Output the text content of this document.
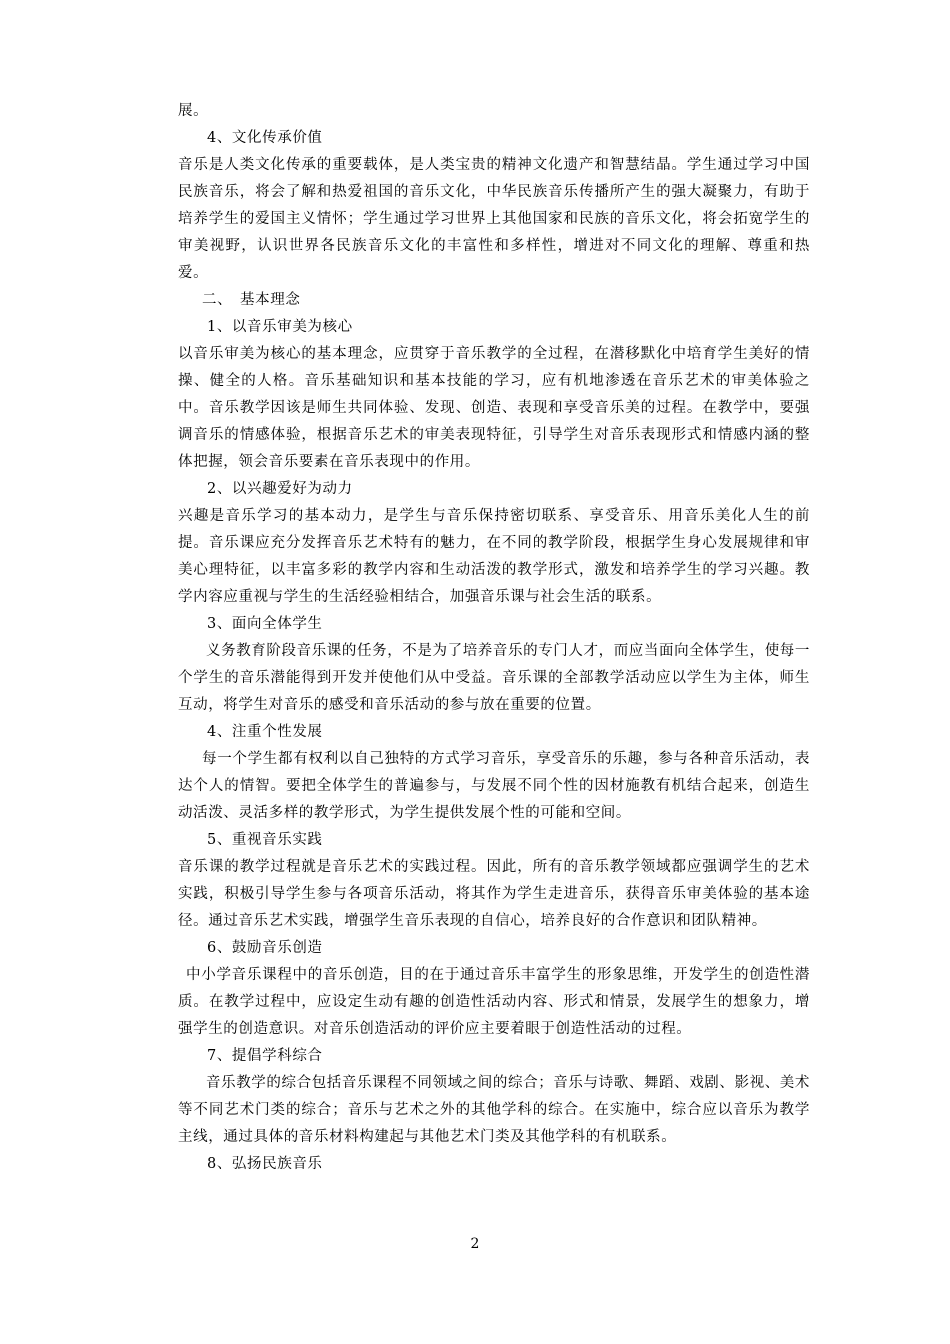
展。

4、文化传承价值

音乐是人类文化传承的重要载体，是人类宝贵的精神文化遗产和智慧结晶。学生通过学习中国民族音乐，将会了解和热爱祖国的音乐文化，中华民族音乐传播所产生的强大凝聚力，有助于培养学生的爱国主义情怀；学生通过学习世界上其他国家和民族的音乐文化，将会拓宽学生的审美视野，认识世界各民族音乐文化的丰富性和多样性，增进对不同文化的理解、尊重和热爱。

二、　基本理念

1、以音乐审美为核心

以音乐审美为核心的基本理念，应贯穿于音乐教学的全过程，在潜移默化中培育学生美好的情操、健全的人格。音乐基础知识和基本技能的学习，应有机地渗透在音乐艺术的审美体验之中。音乐教学因该是师生共同体验、发现、创造、表现和享受音乐美的过程。在教学中，要强调音乐的情感体验，根据音乐艺术的审美表现特征，引导学生对音乐表现形式和情感内涵的整体把握，领会音乐要素在音乐表现中的作用。

2、以兴趣爱好为动力

兴趣是音乐学习的基本动力，是学生与音乐保持密切联系、享受音乐、用音乐美化人生的前提。音乐课应充分发挥音乐艺术特有的魅力，在不同的教学阶段，根据学生身心发展规律和审美心理特征，以丰富多彩的教学内容和生动活泼的教学形式，激发和培养学生的学习兴趣。教学内容应重视与学生的生活经验相结合，加强音乐课与社会生活的联系。

3、面向全体学生

义务教育阶段音乐课的任务，不是为了培养音乐的专门人才，而应当面向全体学生，使每一个学生的音乐潜能得到开发并使他们从中受益。音乐课的全部教学活动应以学生为主体，师生互动，将学生对音乐的感受和音乐活动的参与放在重要的位置。

4、注重个性发展

每一个学生都有权利以自己独特的方式学习音乐，享受音乐的乐趣，参与各种音乐活动，表达个人的情智。要把全体学生的普遍参与，与发展不同个性的因材施教有机结合起来，创造生动活泼、灵活多样的教学形式，为学生提供发展个性的可能和空间。

5、重视音乐实践

音乐课的教学过程就是音乐艺术的实践过程。因此，所有的音乐教学领域都应强调学生的艺术实践，积极引导学生参与各项音乐活动，将其作为学生走进音乐，获得音乐审美体验的基本途径。通过音乐艺术实践，增强学生音乐表现的自信心，培养良好的合作意识和团队精神。

6、鼓励音乐创造

中小学音乐课程中的音乐创造，目的在于通过音乐丰富学生的形象思维，开发学生的创造性潜质。在教学过程中，应设定生动有趣的创造性活动内容、形式和情景，发展学生的想象力，增强学生的创造意识。对音乐创造活动的评价应主要着眼于创造性活动的过程。

7、提倡学科综合

音乐教学的综合包括音乐课程不同领域之间的综合；音乐与诗歌、舞蹈、戏剧、影视、美术等不同艺术门类的综合；音乐与艺术之外的其他学科的综合。在实施中，综合应以音乐为教学主线，通过具体的音乐材料构建起与其他艺术门类及其他学科的有机联系。

8、弘扬民族音乐

2
